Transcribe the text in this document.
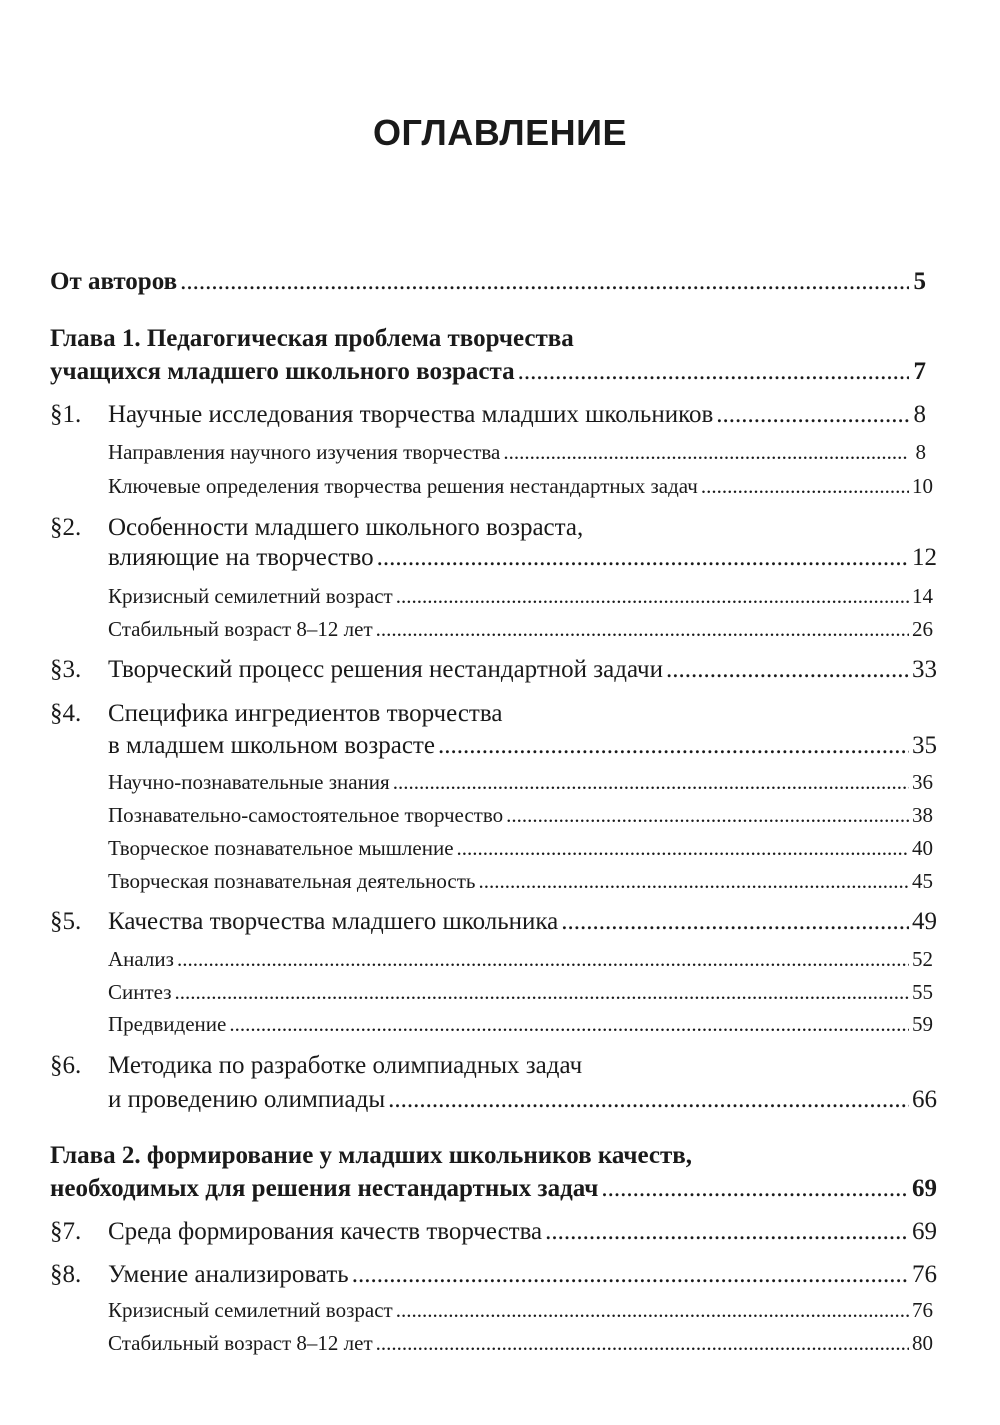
ОГЛАВЛЕНИЕ
От авторов .....	5
Глава 1. Педагогическая проблема творчества
учащихся младшего школьного возраста .....	7
§1. Научные исследования творчества младших школьников .....	8
Направления научного изучения творчества .....	8
Ключевые определения творчества решения нестандартных задач .....	10
§2. Особенности младшего школьного возраста,
влияющие на творчество .....	12
Кризисный семилетний возраст .....	14
Стабильный возраст 8–12 лет .....	26
§3. Творческий процесс решения нестандартной задачи .....	33
§4. Специфика ингредиентов творчества
в младшем школьном возрасте .....	35
Научно-познавательные знания .....	36
Познавательно-самостоятельное творчество .....	38
Творческое познавательное мышление .....	40
Творческая познавательная деятельность .....	45
§5. Качества творчества младшего школьника .....	49
Анализ .....	52
Синтез .....	55
Предвидение .....	59
§6. Методика по разработке олимпиадных задач
и проведению олимпиады .....	66
Глава 2. формирование у младших школьников качеств,
необходимых для решения нестандартных задач .....	69
§7. Среда формирования качеств творчества .....	69
§8. Умение анализировать .....	76
Кризисный семилетний возраст .....	76
Стабильный возраст 8–12 лет .....	80
